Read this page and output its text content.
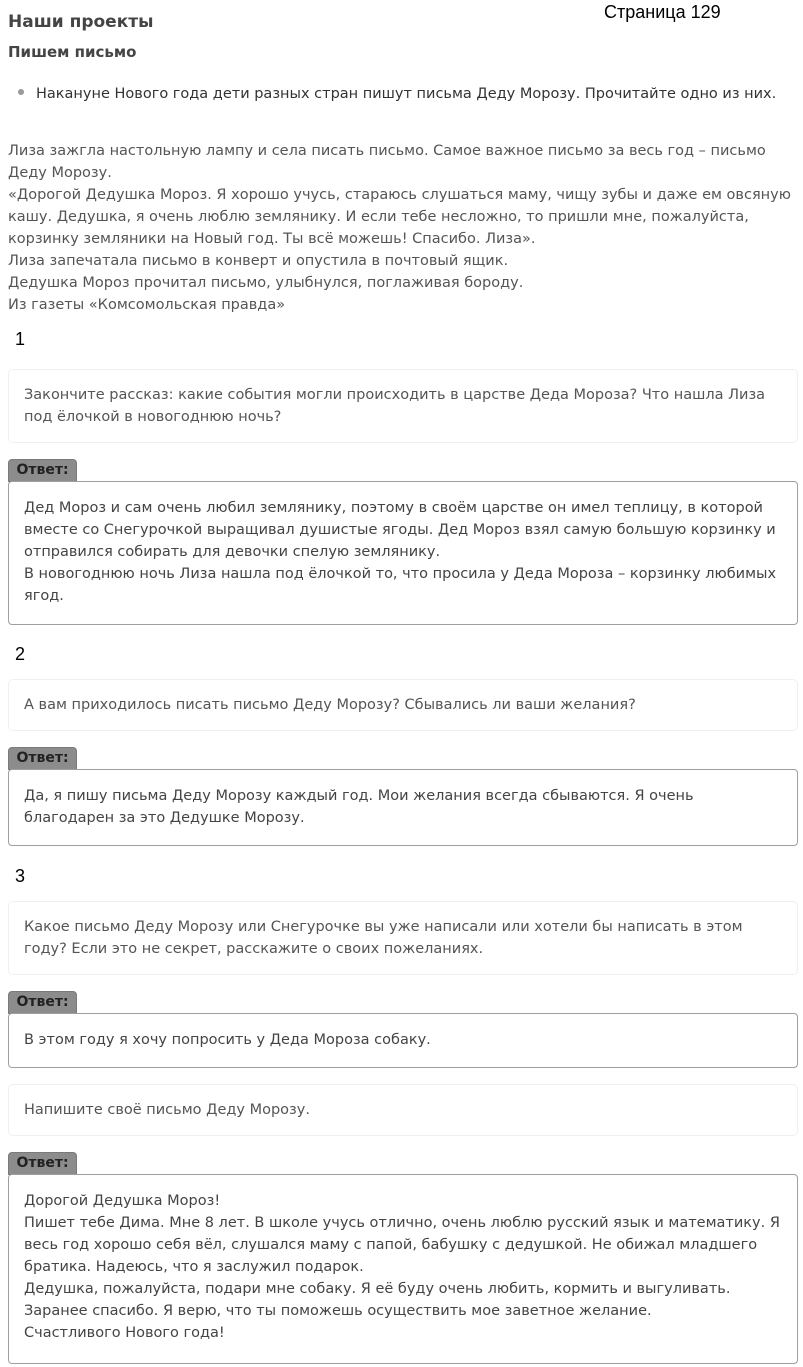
Страница 129
Наши проекты
Пишем письмо
Накануне Нового года дети разных стран пишут письма Деду Морозу. Прочитайте одно из них.

Лиза зажгла настольную лампу и села писать письмо. Самое важное письмо за весь год – письмо Деду Морозу.

«Дорогой Дедушка Мороз. Я хорошо учусь, стараюсь слушаться маму, чищу зубы и даже ем овсяную кашу. Дедушка, я очень люблю землянику. И если тебе несложно, то пришли мне, пожалуйста, корзинку земляники на Новый год. Ты всё можешь! Спасибо. Лиза».

Лиза запечатала письмо в конверт и опустила в почтовый ящик.

Дедушка Мороз прочитал письмо, улыбнулся, поглаживая бороду.

Из газеты «Комсомольская правда»

1
Закончите рассказ: какие события могли происходить в царстве Деда Мороза? Что нашла Лиза под ёлочкой в новогоднюю ночь?
Ответ:
Дед Мороз и сам очень любил землянику, поэтому в своём царстве он имел теплицу, в которой вместе со Снегурочкой выращивал душистые ягоды. Дед Мороз взял самую большую корзинку и отправился собирать для девочки спелую землянику.
В новогоднюю ночь Лиза нашла под ёлочкой то, что просила у Деда Мороза – корзинку любимых ягод.
2
А вам приходилось писать письмо Деду Морозу? Сбывались ли ваши желания?
Ответ:
Да, я пишу письма Деду Морозу каждый год. Мои желания всегда сбываются. Я очень благодарен за это Дедушке Морозу.
3
Какое письмо Деду Морозу или Снегурочке вы уже написали или хотели бы написать в этом году? Если это не секрет, расскажите о своих пожеланиях.
Ответ:
В этом году я хочу попросить у Деда Мороза собаку.
Напишите своё письмо Деду Морозу.
Ответ:
Дорогой Дедушка Мороз!
Пишет тебе Дима. Мне 8 лет. В школе учусь отлично, очень люблю русский язык и математику. Я весь год хорошо себя вёл, слушался маму с папой, бабушку с дедушкой. Не обижал младшего братика. Надеюсь, что я заслужил подарок.
Дедушка, пожалуйста, подари мне собаку. Я её буду очень любить, кормить и выгуливать. Заранее спасибо. Я верю, что ты поможешь осуществить мое заветное желание.
Счастливого Нового года!
